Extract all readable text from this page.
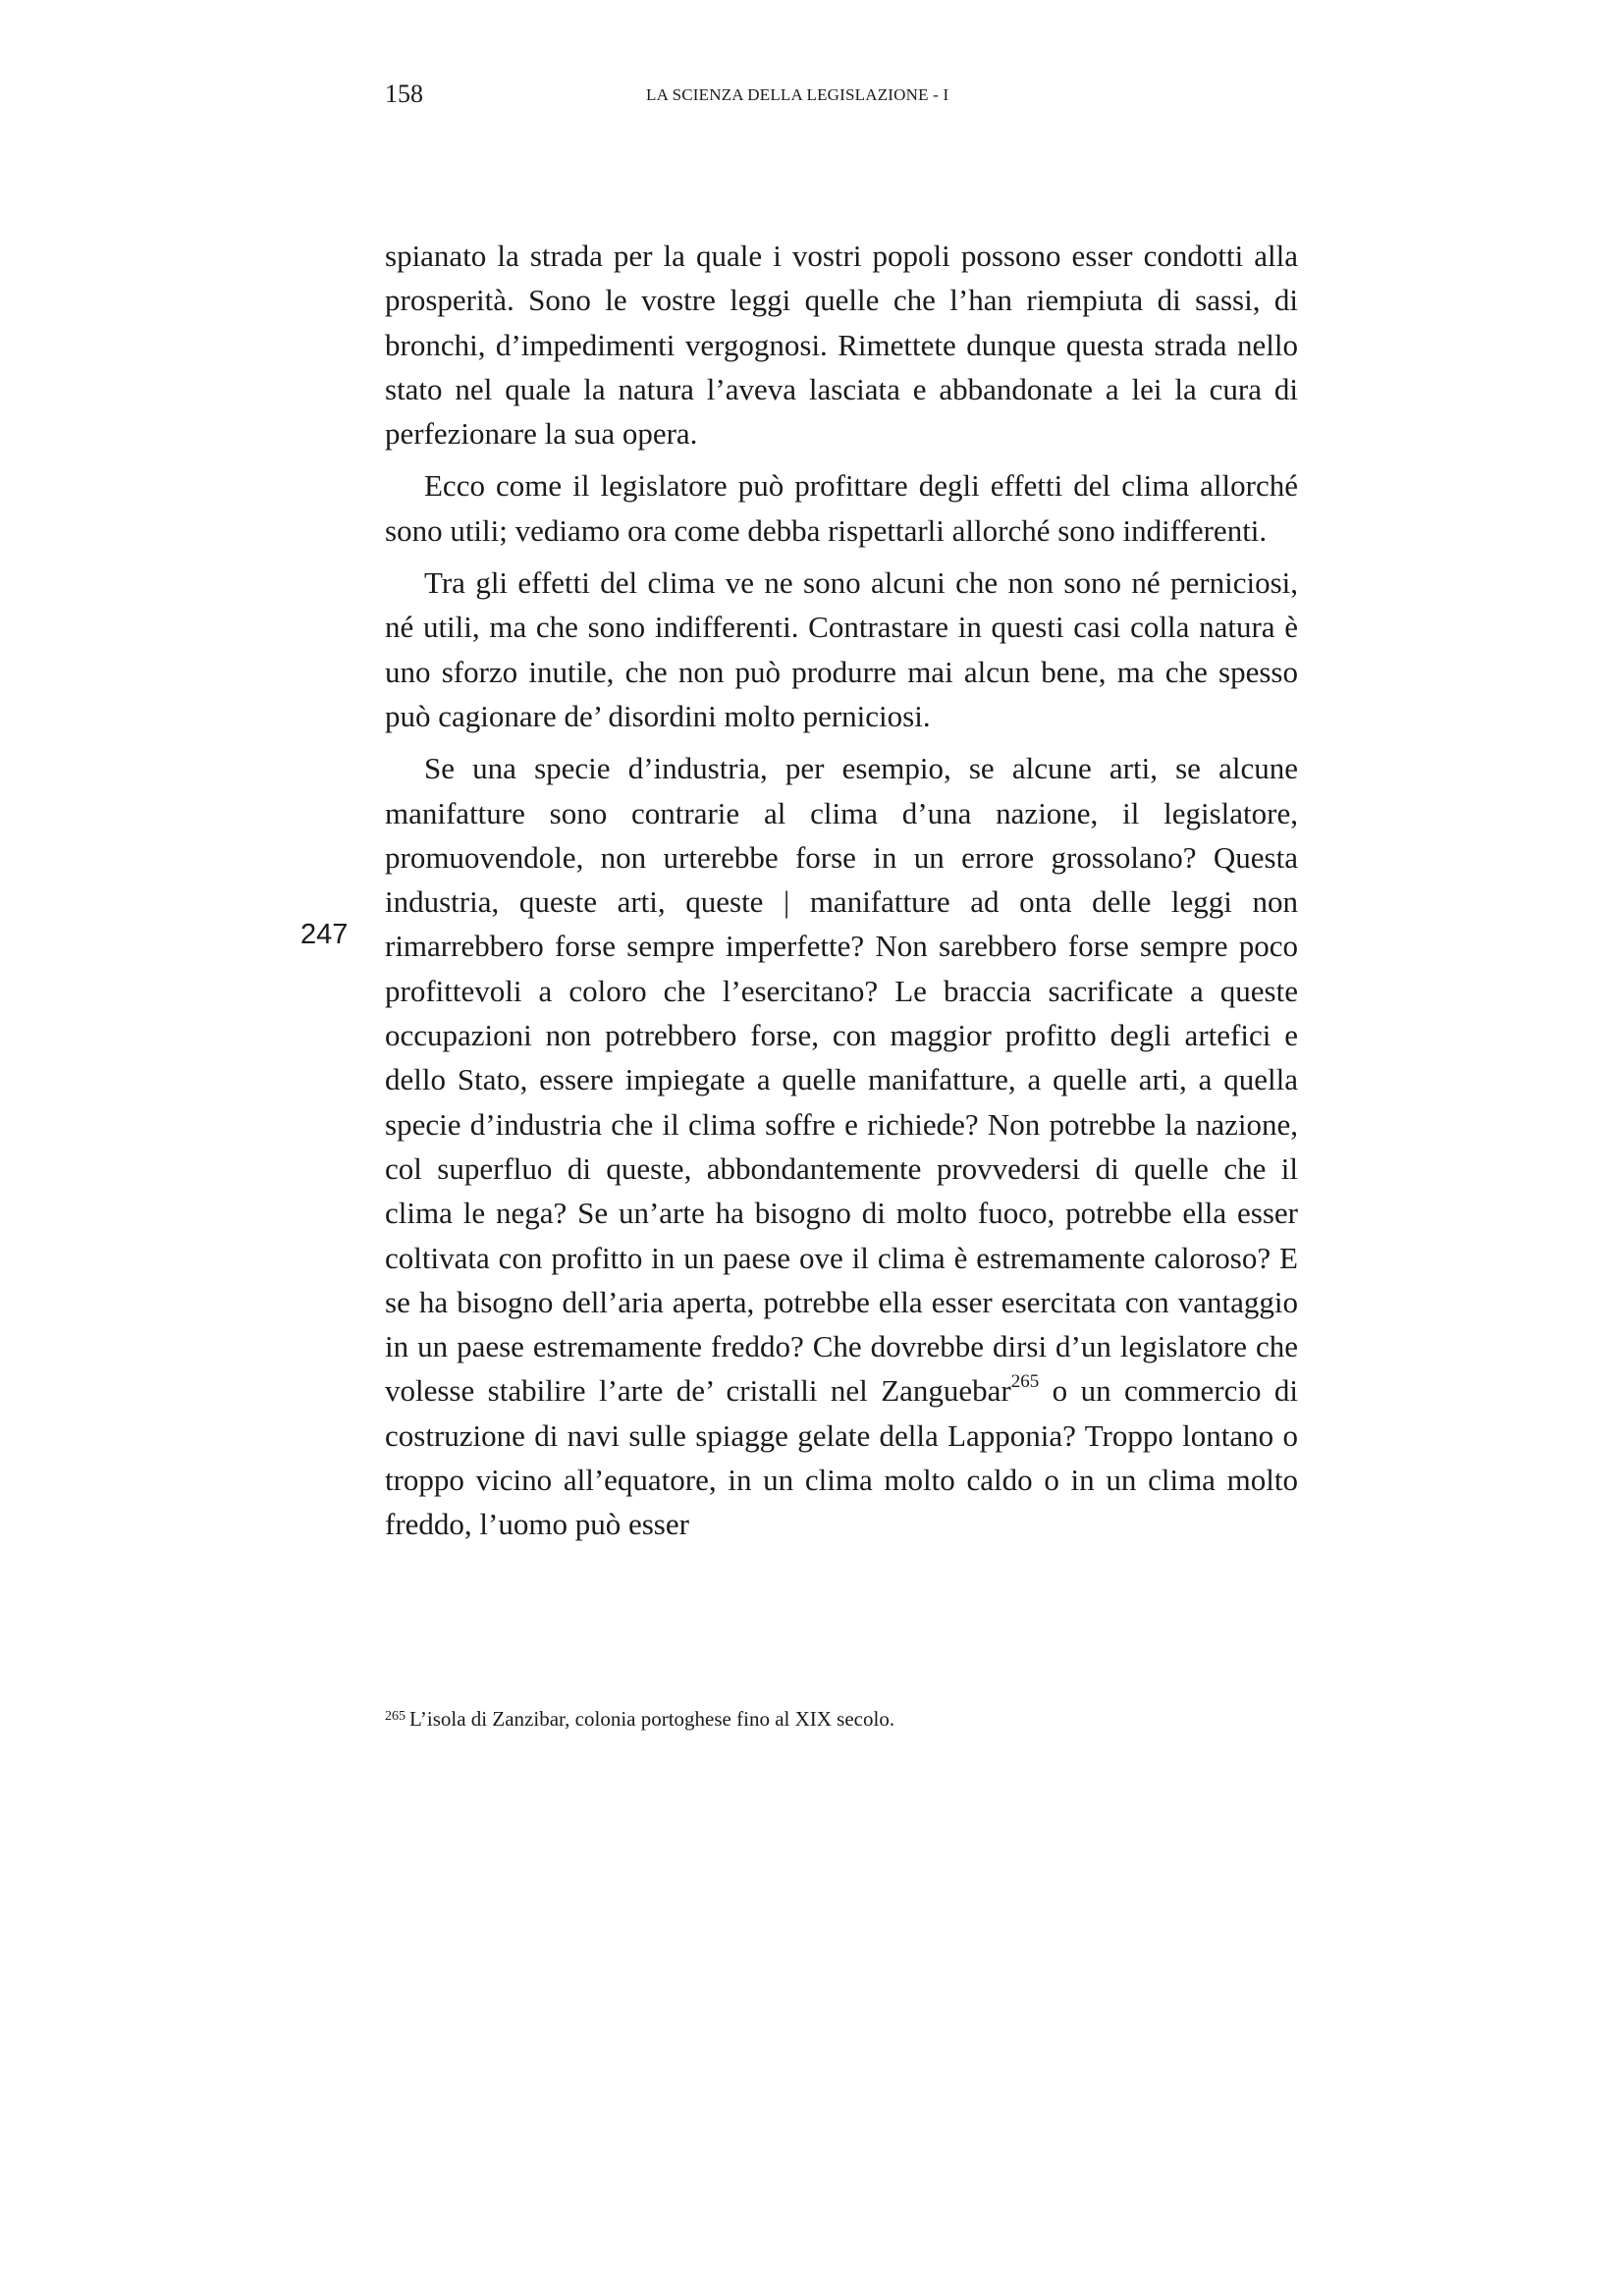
158	LA SCIENZA DELLA LEGISLAZIONE - I
247

spianato la strada per la quale i vostri popoli possono esser condotti alla prosperità. Sono le vostre leggi quelle che l’han riempiuta di sassi, di bronchi, d’impedimenti vergognosi. Rimettete dunque questa strada nello stato nel quale la natura l’aveva lasciata e abbandonate a lei la cura di perfezionare la sua opera.

Ecco come il legislatore può profittare degli effetti del clima allorché sono utili; vediamo ora come debba rispettarli allorché sono indifferenti.

Tra gli effetti del clima ve ne sono alcuni che non sono né perniciosi, né utili, ma che sono indifferenti. Contrastare in questi casi colla natura è uno sforzo inutile, che non può produrre mai alcun bene, ma che spesso può cagionare de’ disordini molto perniciosi.

Se una specie d’industria, per esempio, se alcune arti, se alcune manifatture sono contrarie al clima d’una nazione, il legislatore, promuovendole, non urterebbe forse in un errore grossolano? Questa industria, queste arti, queste | manifatture ad onta delle leggi non rimarrebbero forse sempre imperfette? Non sarebbero forse sempre poco profittevoli a coloro che l’esercitano? Le braccia sacrificate a queste occupazioni non potrebbero forse, con maggior profitto degli artefici e dello Stato, essere impiegate a quelle manifatture, a quelle arti, a quella specie d’industria che il clima soffre e richiede? Non potrebbe la nazione, col superfluo di queste, abbondantemente provvedersi di quelle che il clima le nega? Se un’arte ha bisogno di molto fuoco, potrebbe ella esser coltivata con profitto in un paese ove il clima è estremamente caloroso? E se ha bisogno dell’aria aperta, potrebbe ella esser esercitata con vantaggio in un paese estremamente freddo? Che dovrebbe dirsi d’un legislatore che volesse stabilire l’arte de’ cristalli nel Zanguebar$^{265}$ o un commercio di costruzione di navi sulle spiagge gelate della Lapponia? Troppo lontano o troppo vicino all’equatore, in un clima molto caldo o in un clima molto freddo, l’uomo può esser

$^{265}$ L’isola di Zanzibar, colonia portoghese fino al XIX secolo.
